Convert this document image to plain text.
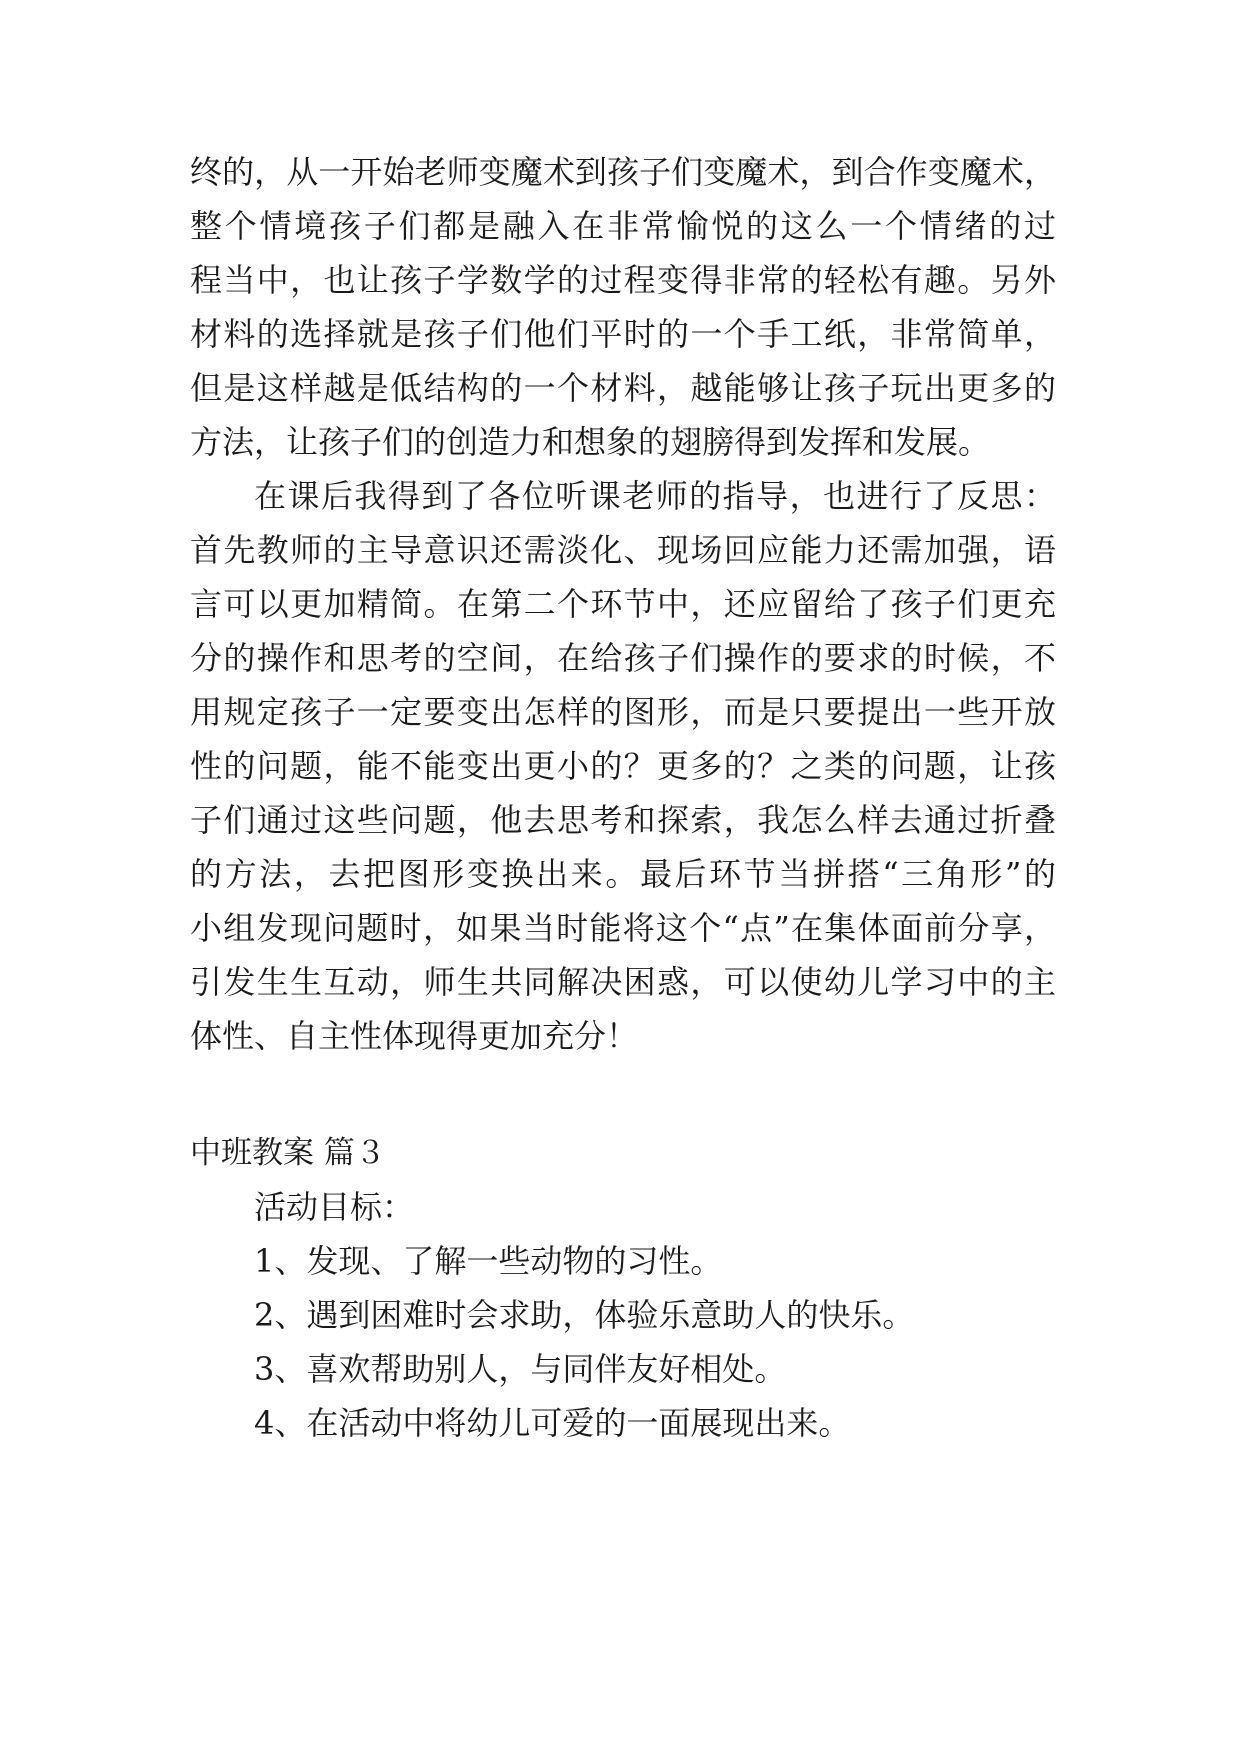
终的，从一开始老师变魔术到孩子们变魔术，到合作变魔术，
整个情境孩子们都是融入在非常愉悦的这么一个情绪的过
程当中，也让孩子学数学的过程变得非常的轻松有趣。另外
材料的选择就是孩子们他们平时的一个手工纸，非常简单，
但是这样越是低结构的一个材料，越能够让孩子玩出更多的
方法，让孩子们的创造力和想象的翅膀得到发挥和发展。
在课后我得到了各位听课老师的指导，也进行了反思：
首先教师的主导意识还需淡化、现场回应能力还需加强，语
言可以更加精简。在第二个环节中，还应留给了孩子们更充
分的操作和思考的空间，在给孩子们操作的要求的时候，不
用规定孩子一定要变出怎样的图形，而是只要提出一些开放
性的问题，能不能变出更小的？更多的？之类的问题，让孩
子们通过这些问题，他去思考和探索，我怎么样去通过折叠
的方法，去把图形变换出来。最后环节当拼搭“三角形”的
小组发现问题时，如果当时能将这个“点”在集体面前分享，
引发生生互动，师生共同解决困惑，可以使幼儿学习中的主
体性、自主性体现得更加充分！
中班教案 篇３
活动目标：
1、发现、了解一些动物的习性。
2、遇到困难时会求助，体验乐意助人的快乐。
3、喜欢帮助别人，与同伴友好相处。
4、在活动中将幼儿可爱的一面展现出来。
